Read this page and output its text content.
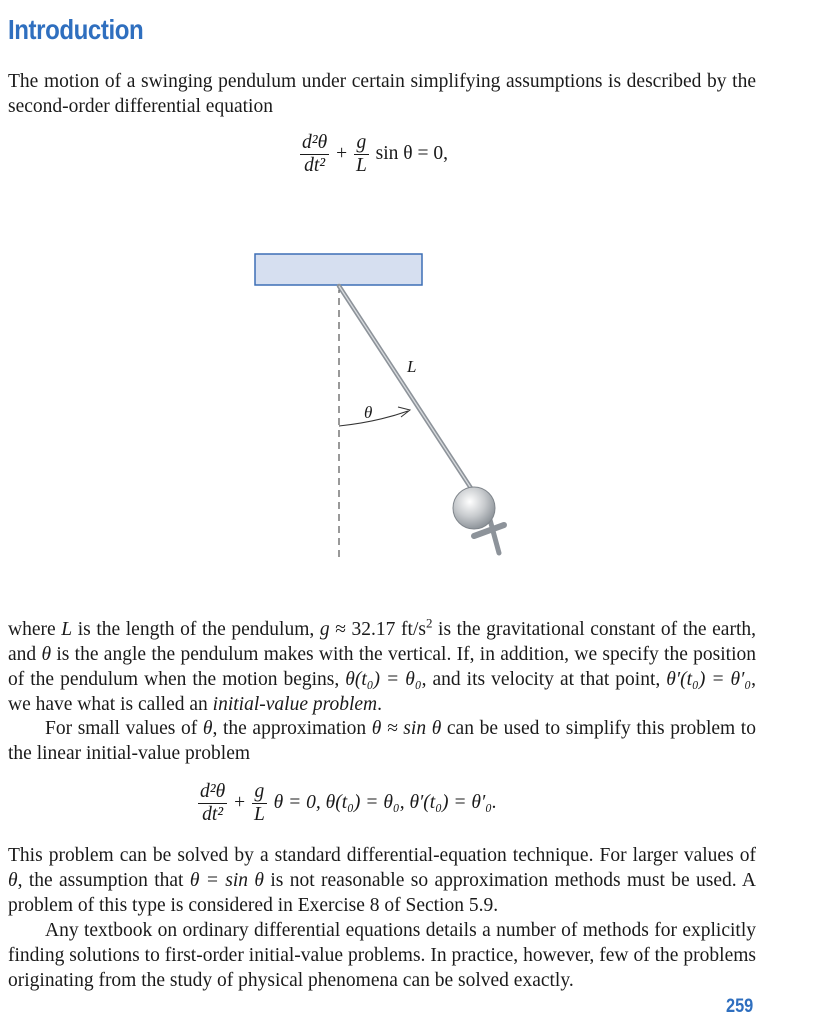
Introduction

The motion of a swinging pendulum under certain simplifying assumptions is described by the second-order differential equation

$\frac{\text{d²θ}}{\text{dt²}} + \frac{g}{L}$ sin θ = 0,
θ
L

where L is the length of the pendulum, g ≈ 32.17 $ft/s^2$ is the gravitational constant of the earth, and θ is the angle the pendulum makes with the vertical. If, in addition, we specify the position of the pendulum when the motion begins, θ(t₀) = θ₀, and its velocity at that point, θ′(t₀) = θ′₀, we have what is called an initial-value problem.

For small values of θ, the approximation θ ≈ sin θ can be used to simplify this problem to the linear initial-value problem

$\frac{\text{d²θ}}{\text{dt²}} + \frac{g}{L}$ θ = 0, θ(t₀) = θ₀, θ′(t₀) = θ′₀.

This problem can be solved by a standard differential-equation technique. For larger values of θ, the assumption that θ = sin θ is not reasonable so approximation methods must be used. A problem of this type is considered in Exercise 8 of Section 5.9.

Any textbook on ordinary differential equations details a number of methods for explicitly finding solutions to first-order initial-value problems. In practice, however, few of the problems originating from the study of physical phenomena can be solved exactly.

259
